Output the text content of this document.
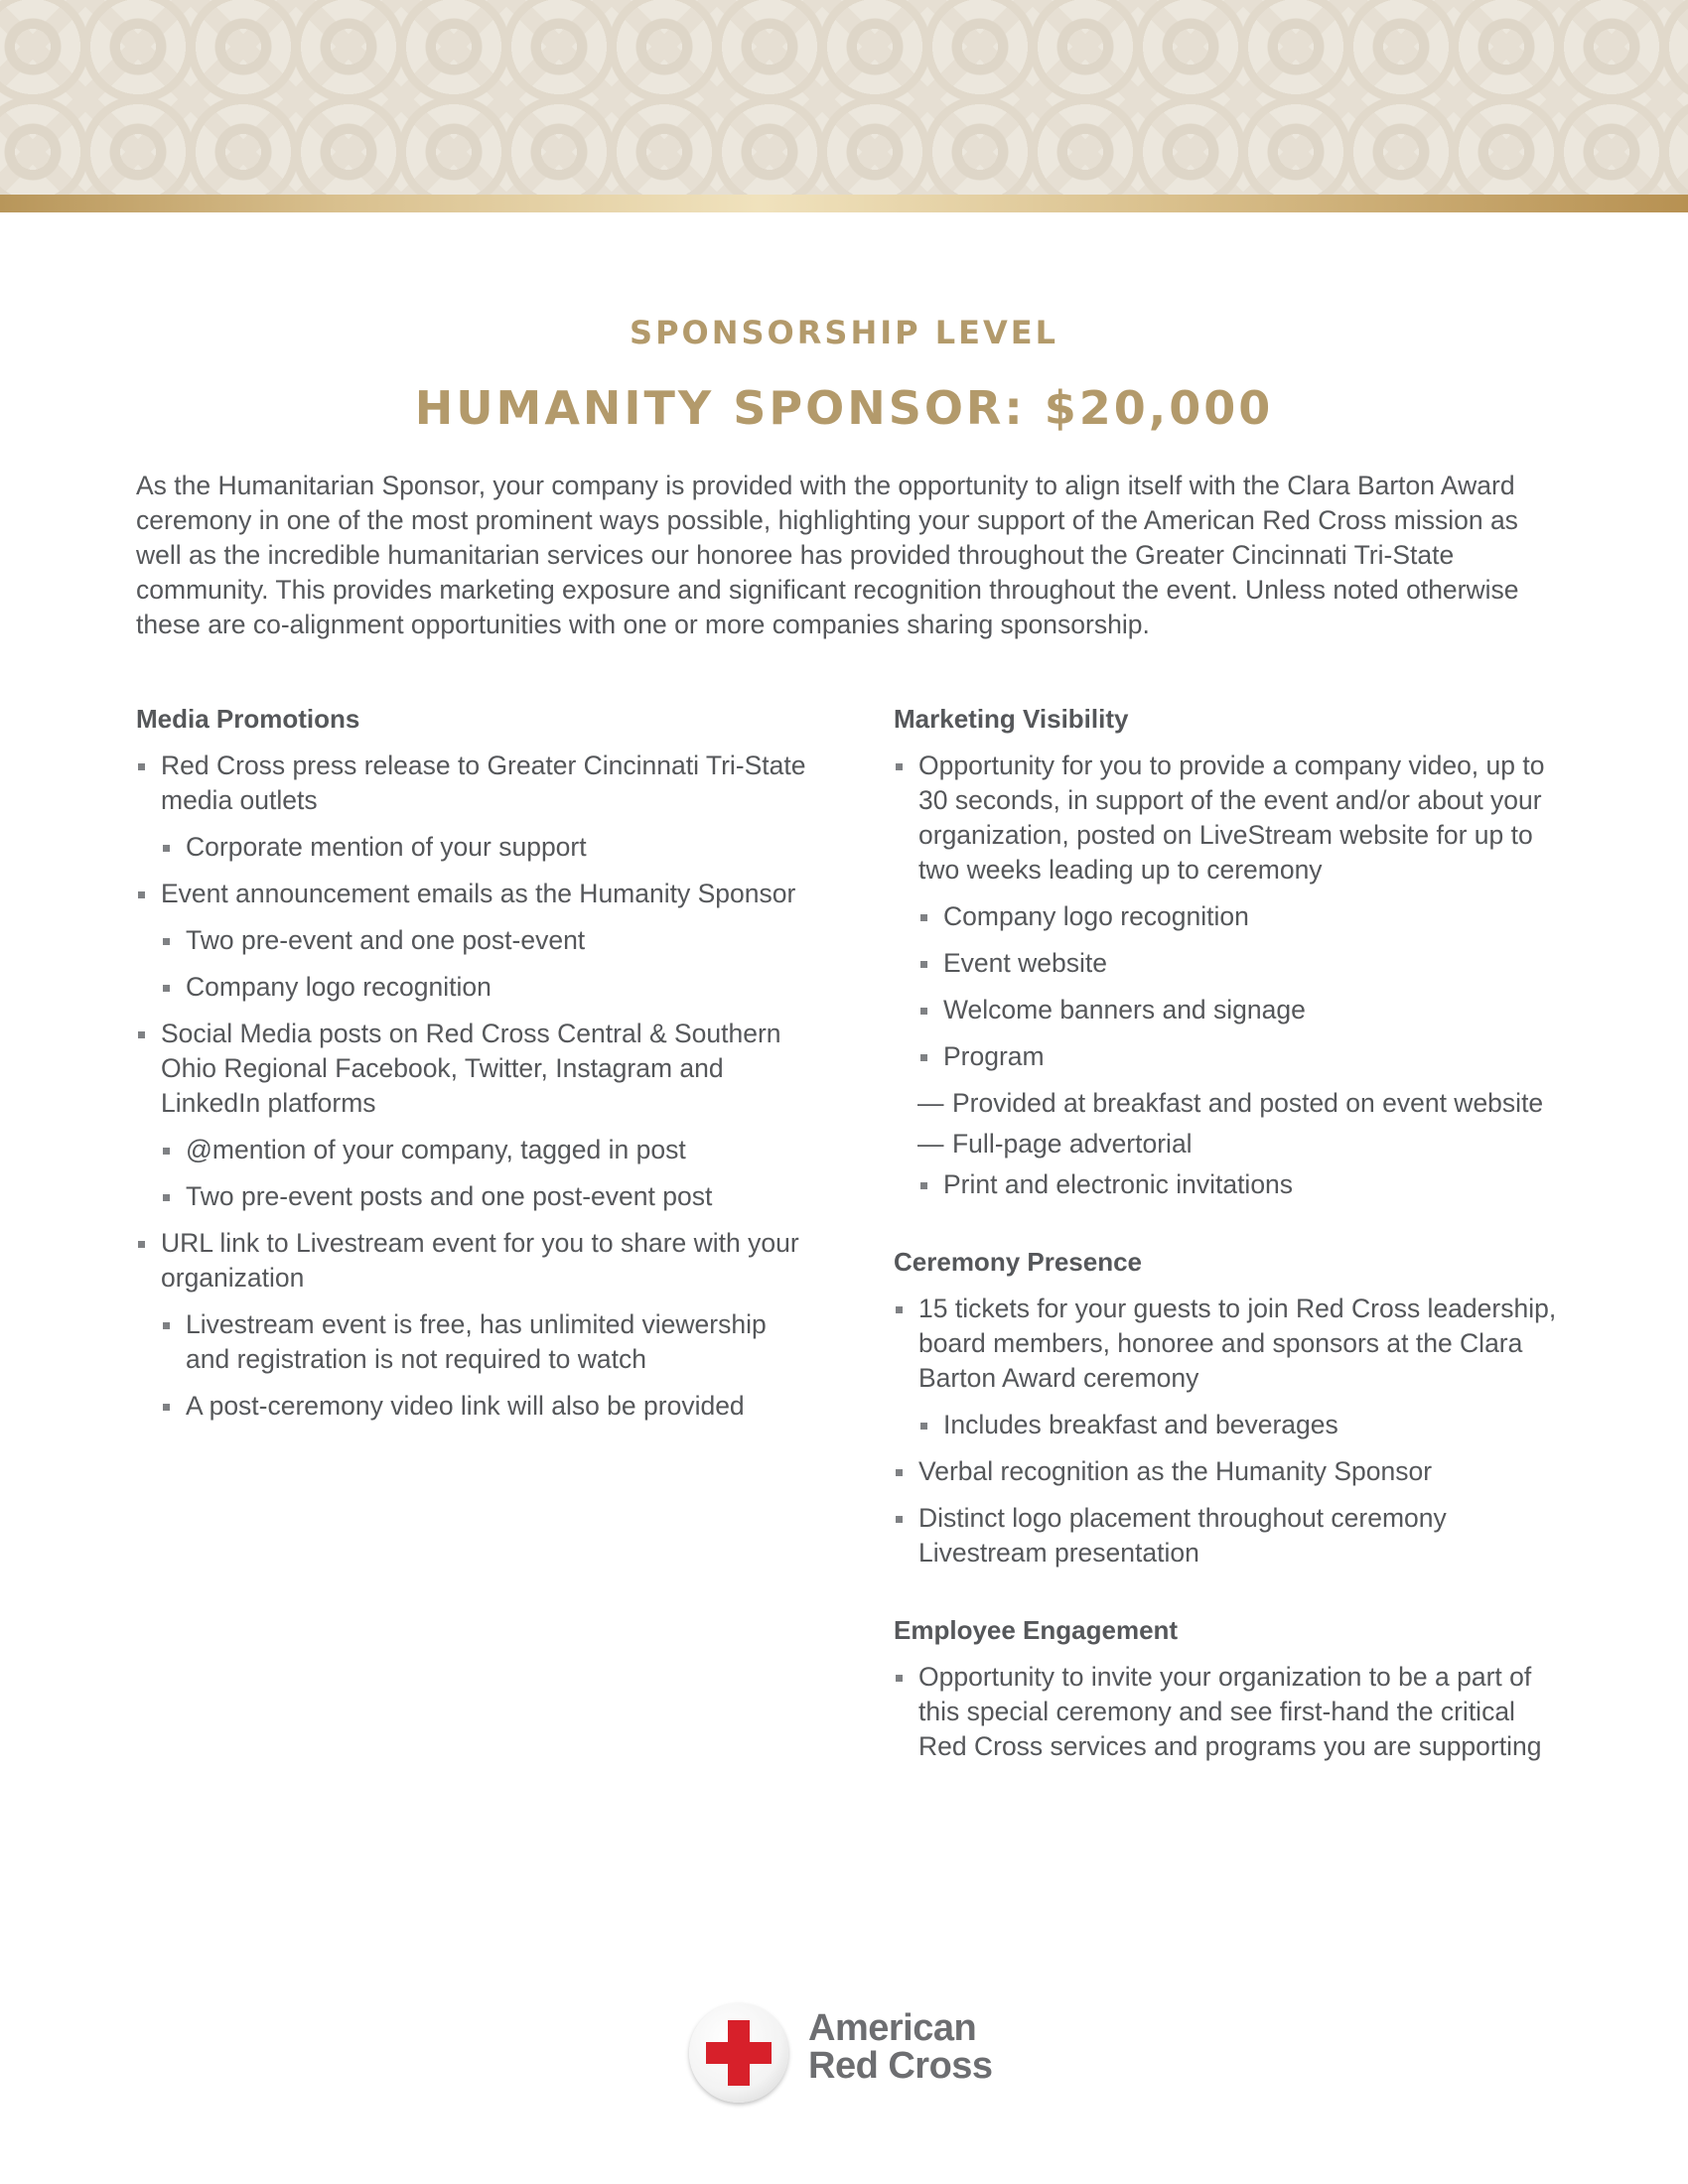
SPONSORSHIP LEVEL
HUMANITY SPONSOR: $20,000

As the Humanitarian Sponsor, your company is provided with the opportunity to align itself with the Clara Barton Award ceremony in one of the most prominent ways possible, highlighting your support of the American Red Cross mission as well as the incredible humanitarian services our honoree has provided throughout the Greater Cincinnati Tri-State community. This provides marketing exposure and significant recognition throughout the event. Unless noted otherwise these are co-alignment opportunities with one or more companies sharing sponsorship.

Media Promotions
Red Cross press release to Greater Cincinnati Tri-State media outlets
Corporate mention of your support
Event announcement emails as the Humanity Sponsor
Two pre-event and one post-event
Company logo recognition
Social Media posts on Red Cross Central & Southern Ohio Regional Facebook, Twitter, Instagram and LinkedIn platforms
@mention of your company, tagged in post
Two pre-event posts and one post-event post
URL link to Livestream event for you to share with your organization
Livestream event is free, has unlimited viewership and registration is not required to watch
A post-ceremony video link will also be provided
Marketing Visibility
Opportunity for you to provide a company video, up to 30 seconds, in support of the event and/or about your organization, posted on LiveStream website for up to two weeks leading up to ceremony
Company logo recognition
Event website
Welcome banners and signage
Program
— Provided at breakfast and posted on event website
— Full-page advertorial
Print and electronic invitations
Ceremony Presence
15 tickets for your guests to join Red Cross leadership, board members, honoree and sponsors at the Clara Barton Award ceremony
Includes breakfast and beverages
Verbal recognition as the Humanity Sponsor
Distinct logo placement throughout ceremony Livestream presentation
Employee Engagement
Opportunity to invite your organization to be a part of this special ceremony and see first-hand the critical Red Cross services and programs you are supporting
American
Red Cross
